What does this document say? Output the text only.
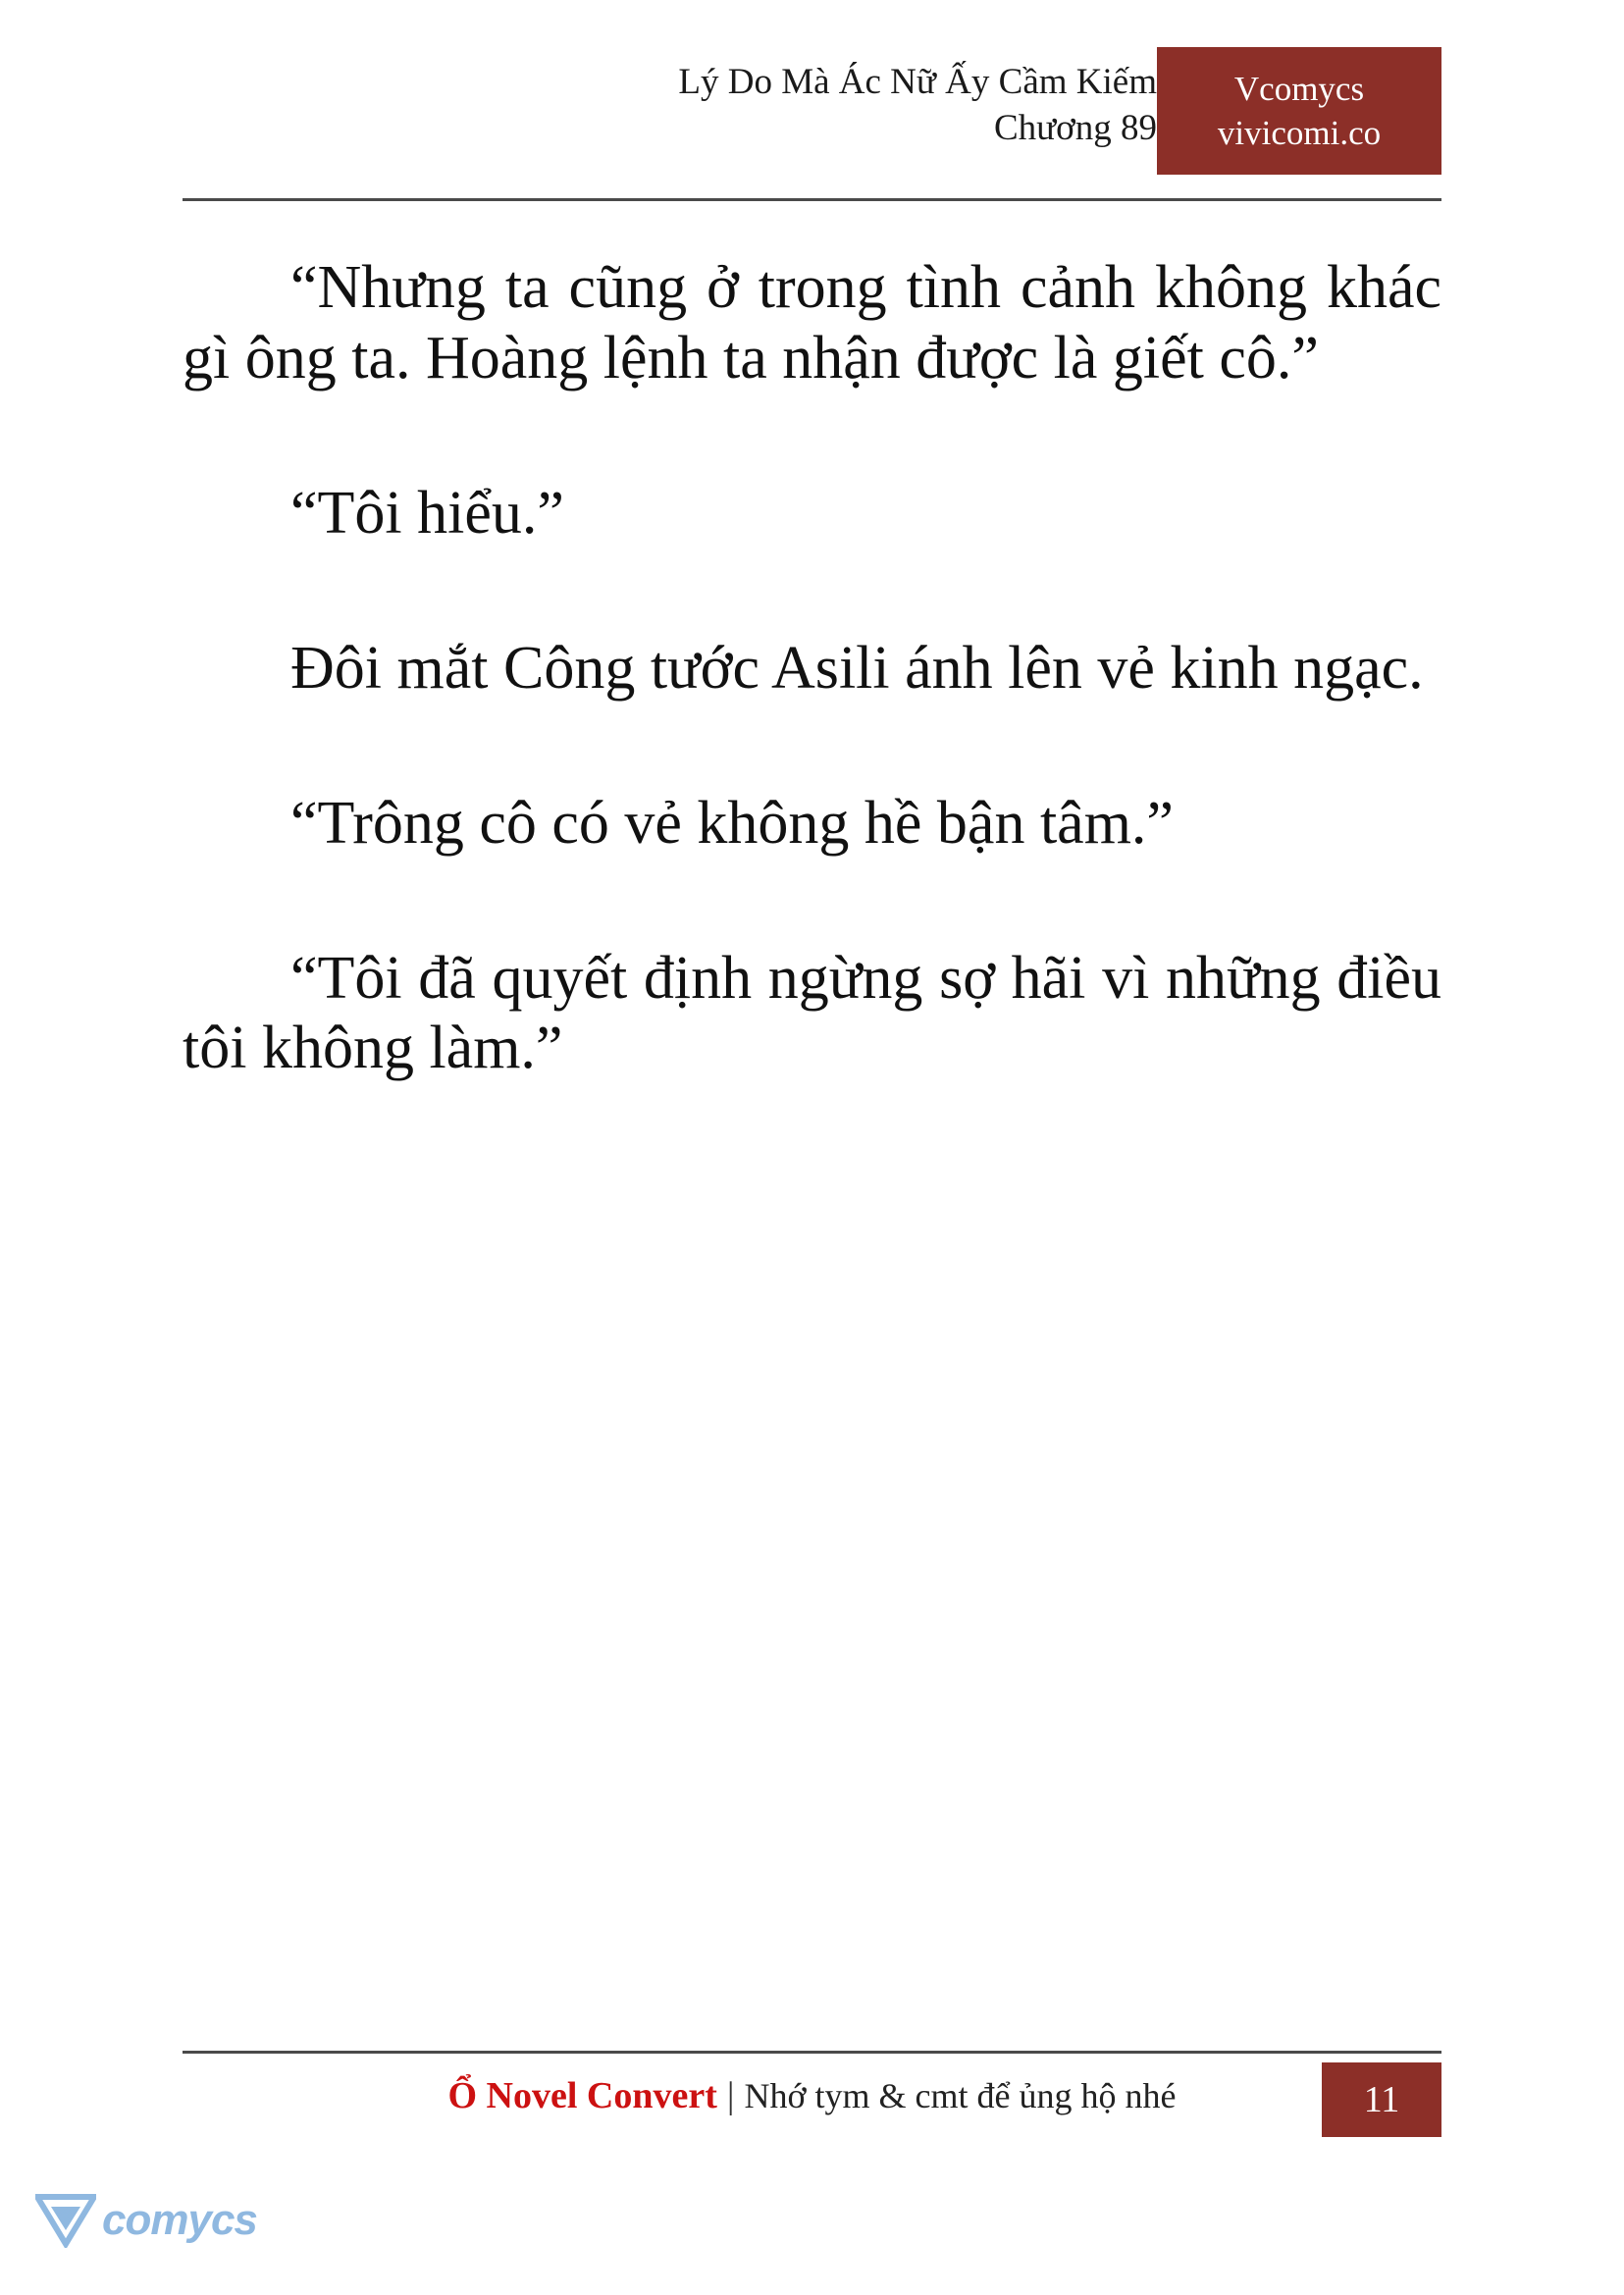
Lý Do Mà Ác Nữ Ấy Cầm Kiếm
Chương 89
Vcomycs
vivicomi.co

“Nhưng ta cũng ở trong tình cảnh không khác gì ông ta. Hoàng lệnh ta nhận được là giết cô.”

“Tôi hiểu.”

Đôi mắt Công tước Asili ánh lên vẻ kinh ngạc.

“Trông cô có vẻ không hề bận tâm.”

“Tôi đã quyết định ngừng sợ hãi vì những điều tôi không làm.”

Ổ Novel Convert | Nhớ tym & cmt để ủng hộ nhé	11
comycs
